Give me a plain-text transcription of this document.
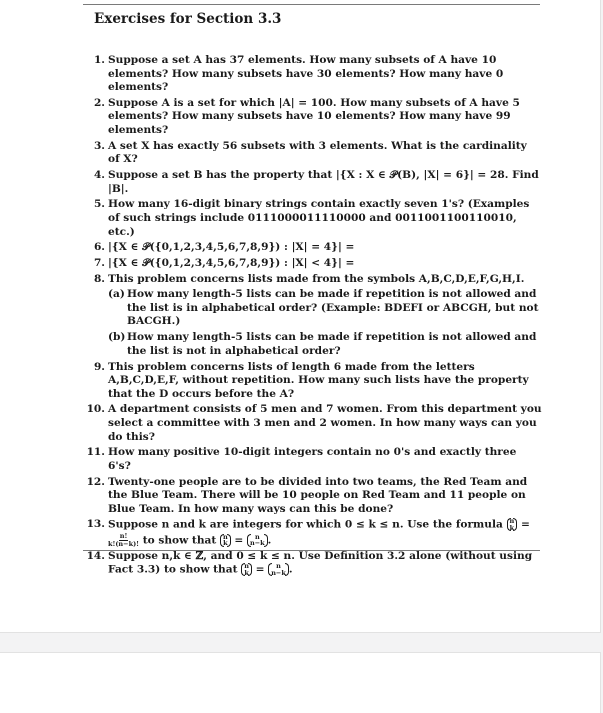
Exercises for Section 3.3
1. Suppose a set A has 37 elements. How many subsets of A have 10 elements? How many subsets have 30 elements? How many have 0 elements?
2. Suppose A is a set for which |A| = 100. How many subsets of A have 5 elements? How many subsets have 10 elements? How many have 99 elements?
3. A set X has exactly 56 subsets with 3 elements. What is the cardinality of X?
4. Suppose a set B has the property that |{X : X ∈ 𝒫(B), |X| = 6}| = 28. Find |B|.
5. How many 16-digit binary strings contain exactly seven 1's? (Examples of such strings include 0111000011110000 and 0011001100110010, etc.)
6. |{X ∈ 𝒫({0,1,2,3,4,5,6,7,8,9}) : |X| = 4}| =
7. |{X ∈ 𝒫({0,1,2,3,4,5,6,7,8,9}) : |X| < 4}| =
8. This problem concerns lists made from the symbols A,B,C,D,E,F,G,H,I.
(a) How many length-5 lists can be made if repetition is not allowed and the list is in alphabetical order? (Example: BDEFI or ABCGH, but not BACGH.)
(b) How many length-5 lists can be made if repetition is not allowed and the list is not in alphabetical order?
9. This problem concerns lists of length 6 made from the letters A,B,C,D,E,F, without repetition. How many such lists have the property that the D occurs before the A?
10. A department consists of 5 men and 7 women. From this department you select a committee with 3 men and 2 women. In how many ways can you do this?
11. How many positive 10-digit integers contain no 0's and exactly three 6's?
12. Twenty-one people are to be divided into two teams, the Red Team and the Blue Team. There will be 10 people on Red Team and 11 people on Blue Team. In how many ways can this be done?
13. Suppose n and k are integers for which 0 ≤ k ≤ n. Use the formula n
k =
$\frac{n!}{k!(n-k)!}$ to show that n
k = n
n−k .
14. Suppose n,k ∈ ℤ, and 0 ≤ k ≤ n. Use Definition 3.2 alone (without using Fact 3.3) to show that n
k = n
n−k .
